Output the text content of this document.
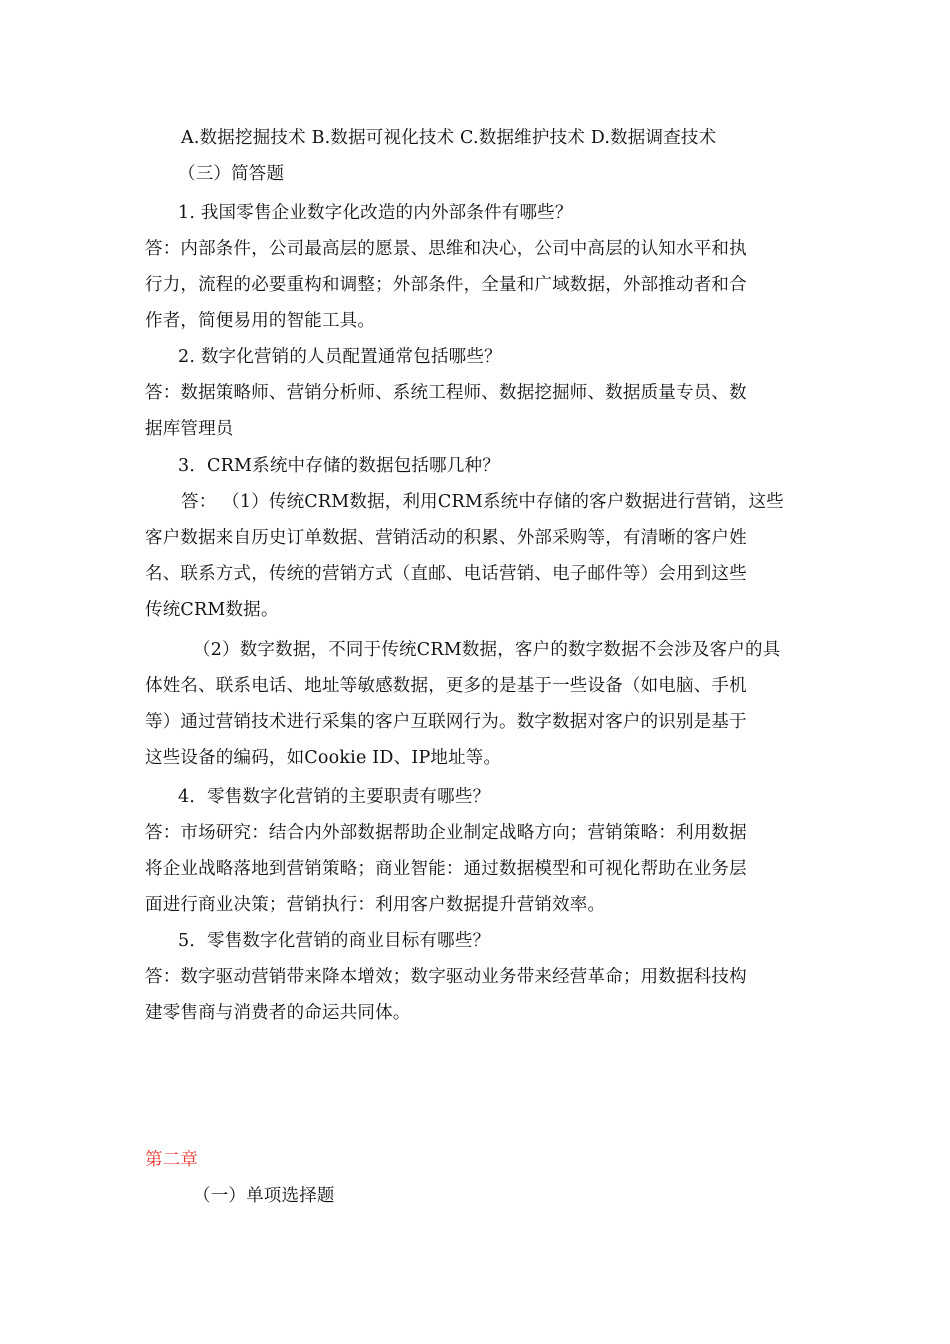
A.数据挖掘技术 B.数据可视化技术 C.数据维护技术 D.数据调查技术
（三）简答题
1. 我国零售企业数字化改造的内外部条件有哪些？
答：内部条件，公司最高层的愿景、思维和决心，公司中高层的认知水平和执
行力，流程的必要重构和调整；外部条件，全量和广域数据，外部推动者和合
作者，简便易用的智能工具。
2. 数字化营销的人员配置通常包括哪些？
答：数据策略师、营销分析师、系统工程师、数据挖掘师、数据质量专员、数
据库管理员
3．CRM系统中存储的数据包括哪几种？
答： （1）传统CRM数据，利用CRM系统中存储的客户数据进行营销，这些
客户数据来自历史订单数据、营销活动的积累、外部采购等，有清晰的客户姓
名、联系方式，传统的营销方式（直邮、电话营销、电子邮件等）会用到这些
传统CRM数据。
（2）数字数据，不同于传统CRM数据，客户的数字数据不会涉及客户的具
体姓名、联系电话、地址等敏感数据，更多的是基于一些设备（如电脑、手机
等）通过营销技术进行采集的客户互联网行为。数字数据对客户的识别是基于
这些设备的编码，如Cookie ID、IP地址等。
4．零售数字化营销的主要职责有哪些？
答：市场研究：结合内外部数据帮助企业制定战略方向；营销策略：利用数据
将企业战略落地到营销策略；商业智能：通过数据模型和可视化帮助在业务层
面进行商业决策；营销执行：利用客户数据提升营销效率。
5．零售数字化营销的商业目标有哪些？
答：数字驱动营销带来降本增效；数字驱动业务带来经营革命；用数据科技构
建零售商与消费者的命运共同体。
第二章
（一）单项选择题
